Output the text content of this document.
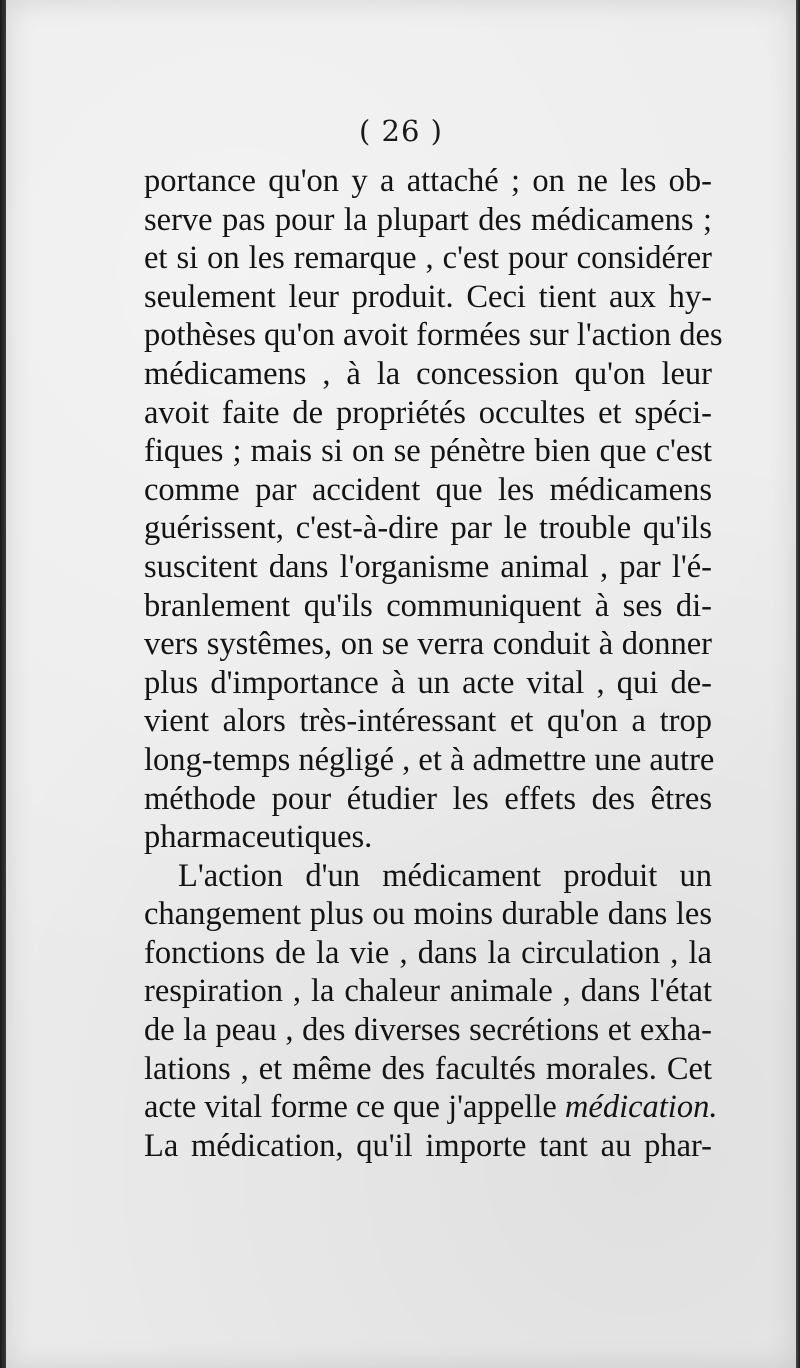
( 26 )
portance qu'on y a attaché ; on ne les ob-
serve pas pour la plupart des médicamens ;
et si on les remarque , c'est pour considérer
seulement leur produit. Ceci tient aux hy-
pothèses qu'on avoit formées sur l'action des
médicamens , à la concession qu'on leur
avoit faite de propriétés occultes et spéci-
fiques ; mais si on se pénètre bien que c'est
comme par accident que les médicamens
guérissent, c'est-à-dire par le trouble qu'ils
suscitent dans l'organisme animal , par l'é-
branlement qu'ils communiquent à ses di-
vers systêmes, on se verra conduit à donner
plus d'importance à un acte vital , qui de-
vient alors très-intéressant et qu'on a trop
long-temps négligé , et à admettre une autre
méthode pour étudier les effets des êtres
pharmaceutiques.
L'action d'un médicament produit un
changement plus ou moins durable dans les
fonctions de la vie , dans la circulation , la
respiration , la chaleur animale , dans l'état
de la peau , des diverses secrétions et exha-
lations , et même des facultés morales. Cet
acte vital forme ce que j'appelle médication.
La médication, qu'il importe tant au phar-
